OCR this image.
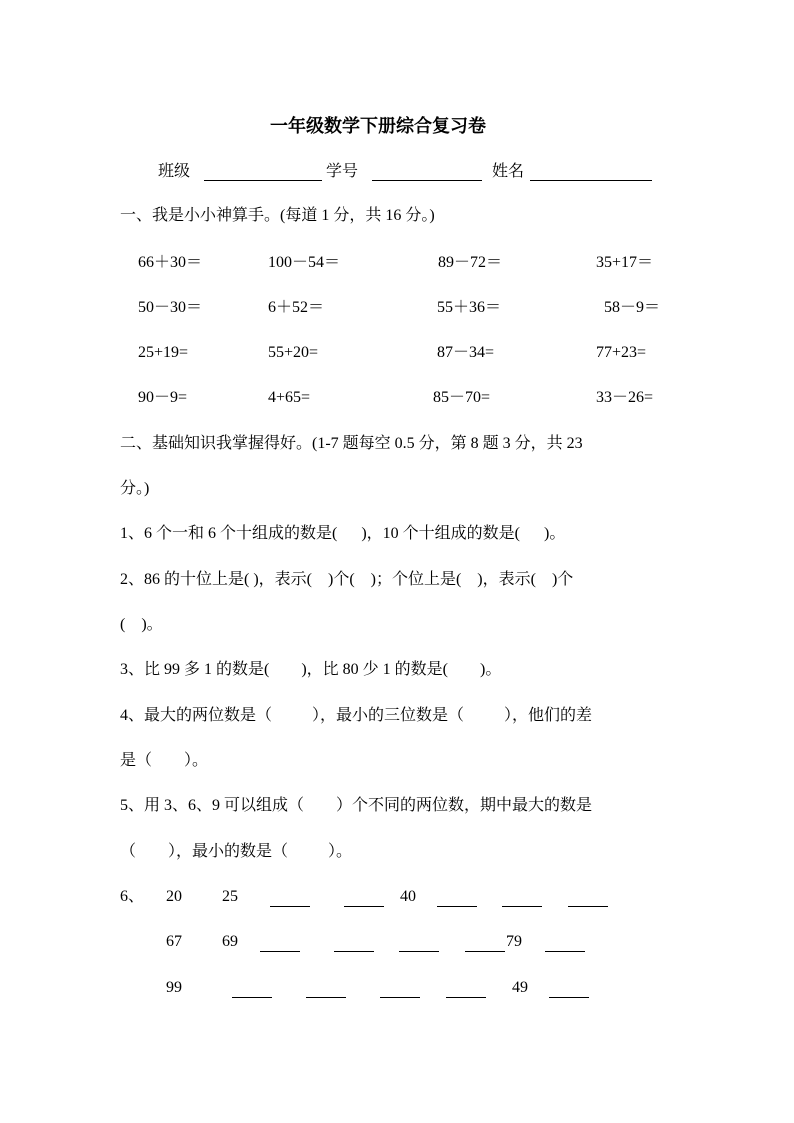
一年级数学下册综合复习卷
班级	学号	姓名
一、我是小小神算手。(每道 1 分，共 16 分。)
66＋30＝	100－54＝	89－72＝	35+17＝
50－30＝	6＋52＝	55＋36＝	58－9＝
25+19=	55+20=	87－34=	77+23=
90－9=	4+65=	85－70=	33－26=
二、基础知识我掌握得好。(1-7 题每空 0.5 分，第 8 题 3 分，共 23
分。)
1、6 个一和 6 个十组成的数是(      )，10 个十组成的数是(      )。
2、86 的十位上是( )，表示(    )个(    )；个位上是(    )，表示(    )个
(    )。
3、比 99 多 1 的数是(        )，比 80 少 1 的数是(        )。
4、最大的两位数是（          ），最小的三位数是（          ），他们的差
是（        ）。
5、用 3、6、9 可以组成（        ）个不同的两位数，期中最大的数是
（        ），最小的数是（          ）。
6、 20	25	40
67	69	79
99	49
